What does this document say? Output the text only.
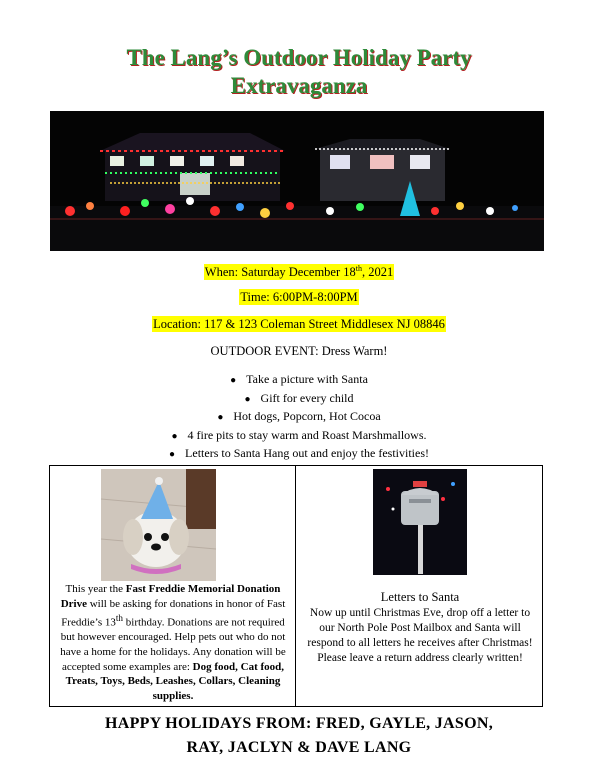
The Lang’s Outdoor Holiday Party
Extravaganza
When: Saturday December 18th, 2021
Time: 6:00PM-8:00PM
Location: 117 & 123 Coleman Street Middlesex NJ 08846
OUTDOOR EVENT: Dress Warm!
● Take a picture with Santa
● Gift for every child
● Hot dogs, Popcorn, Hot Cocoa
● 4 fire pits to stay warm and Roast Marshmallows.
● Letters to Santa Hang out and enjoy the festivities!
This year the Fast Freddie Memorial Donation Drive will be asking for donations in honor of Fast Freddie’s 13th birthday. Donations are not required but however encouraged. Help pets out who do not have a home for the holidays. Any donation will be accepted some examples are: Dog food, Cat food, Treats, Toys, Beds, Leashes, Collars, Cleaning supplies.
Letters to Santa
Now up until Christmas Eve, drop off a letter to our North Pole Post Mailbox and Santa will respond to all letters he receives after Christmas! Please leave a return address clearly written!
HAPPY HOLIDAYS FROM: FRED, GAYLE, JASON,
RAY, JACLYN & DAVE LANG
